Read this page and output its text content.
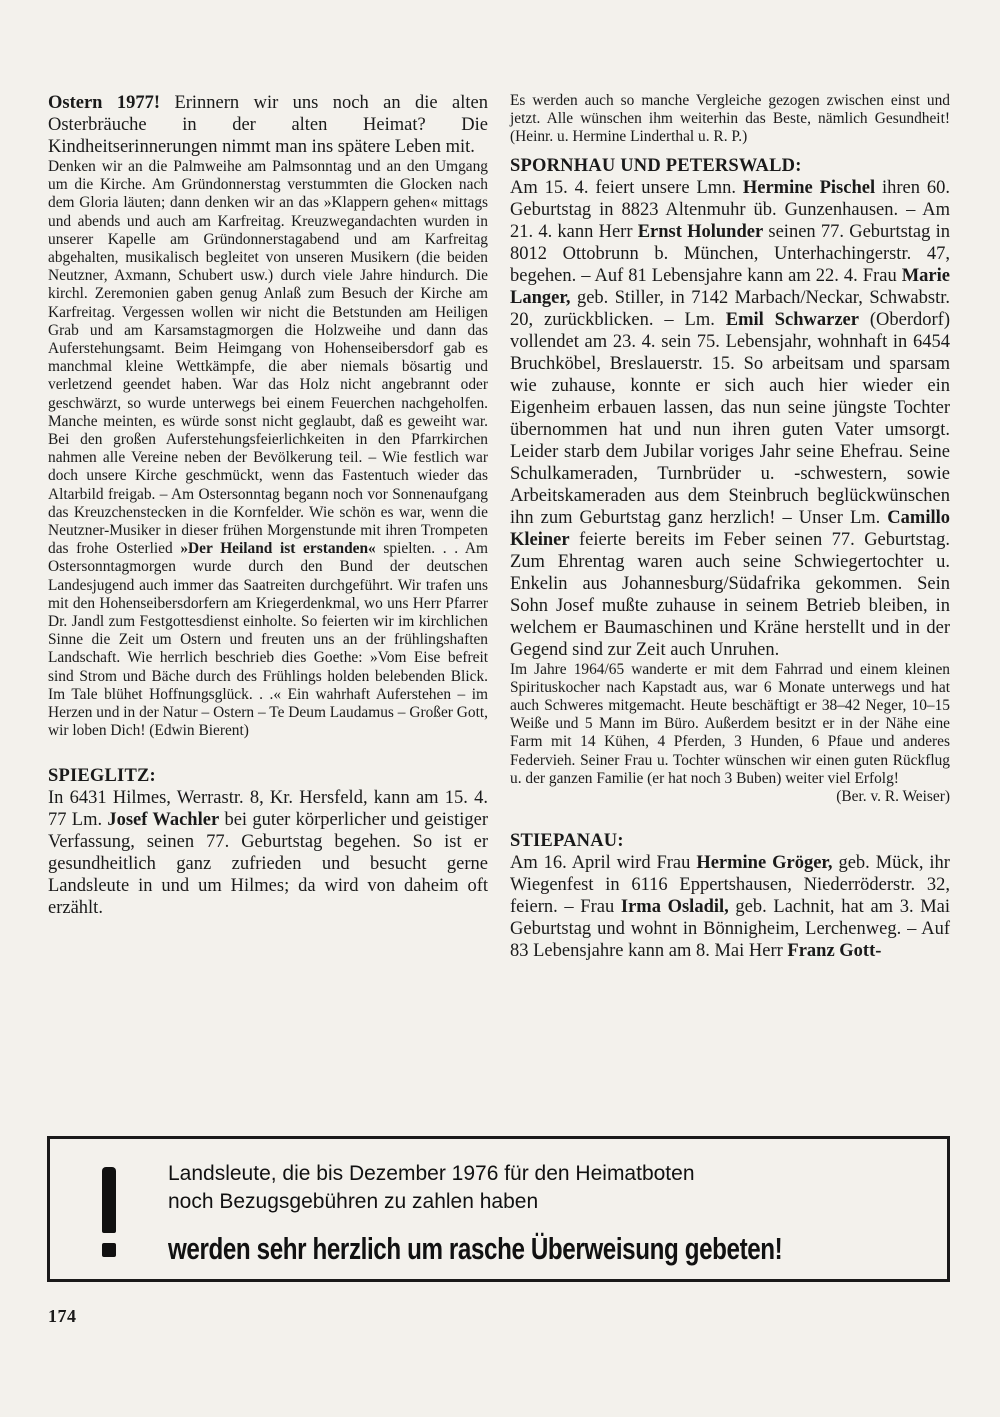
Ostern 1977! Erinnern wir uns noch an die alten Osterbräuche in der alten Heimat? Die Kindheitserinnerungen nimmt man ins spätere Leben mit.

Denken wir an die Palmweihe am Palmsonntag und an den Umgang um die Kirche. Am Gründonnerstag verstummten die Glocken nach dem Gloria läuten; dann denken wir an das »Klappern gehen« mittags und abends und auch am Karfreitag. Kreuzwegandachten wurden in unserer Kapelle am Gründonnerstagabend und am Karfreitag abgehalten, musikalisch begleitet von unseren Musikern (die beiden Neutzner, Axmann, Schubert usw.) durch viele Jahre hindurch. Die kirchl. Zeremonien gaben genug Anlaß zum Besuch der Kirche am Karfreitag. Vergessen wollen wir nicht die Betstunden am Heiligen Grab und am Karsamstagmorgen die Holzweihe und dann das Auferstehungsamt. Beim Heimgang von Hohenseibersdorf gab es manchmal kleine Wettkämpfe, die aber niemals bösartig und verletzend geendet haben. War das Holz nicht angebrannt oder geschwärzt, so wurde unterwegs bei einem Feuerchen nachgeholfen. Manche meinten, es würde sonst nicht geglaubt, daß es geweiht war. Bei den großen Auferstehungsfeierlichkeiten in den Pfarrkirchen nahmen alle Vereine neben der Bevölkerung teil. – Wie festlich war doch unsere Kirche geschmückt, wenn das Fastentuch wieder das Altarbild freigab. – Am Ostersonntag begann noch vor Sonnenaufgang das Kreuzchenstecken in die Kornfelder. Wie schön es war, wenn die Neutzner-Musiker in dieser frühen Morgenstunde mit ihren Trompeten das frohe Osterlied »Der Heiland ist erstanden« spielten. . . Am Ostersonntagmorgen wurde durch den Bund der deutschen Landesjugend auch immer das Saatreiten durchgeführt. Wir trafen uns mit den Hohenseibersdorfern am Kriegerdenkmal, wo uns Herr Pfarrer Dr. Jandl zum Festgottesdienst einholte. So feierten wir im kirchlichen Sinne die Zeit um Ostern und freuten uns an der frühlingshaften Landschaft. Wie herrlich beschrieb dies Goethe: »Vom Eise befreit sind Strom und Bäche durch des Frühlings holden belebenden Blick. Im Tale blühet Hoffnungsglück. . .« Ein wahrhaft Auferstehen – im Herzen und in der Natur – Ostern – Te Deum Laudamus – Großer Gott, wir loben Dich! (Edwin Bierent)

SPIEGLITZ:

In 6431 Hilmes, Werrastr. 8, Kr. Hersfeld, kann am 15. 4. 77 Lm. Josef Wachler bei guter körperlicher und geistiger Verfassung, seinen 77. Geburtstag begehen. So ist er gesundheitlich ganz zufrieden und besucht gerne Landsleute in und um Hilmes; da wird von daheim oft erzählt.

Es werden auch so manche Vergleiche gezogen zwischen einst und jetzt. Alle wünschen ihm weiterhin das Beste, nämlich Gesundheit! (Heinr. u. Hermine Linderthal u. R. P.)

SPORNHAU UND PETERSWALD:

Am 15. 4. feiert unsere Lmn. Hermine Pischel ihren 60. Geburtstag in 8823 Altenmuhr üb. Gunzenhausen. – Am 21. 4. kann Herr Ernst Holunder seinen 77. Geburtstag in 8012 Ottobrunn b. München, Unterhachingerstr. 47, begehen. – Auf 81 Lebensjahre kann am 22. 4. Frau Marie Langer, geb. Stiller, in 7142 Marbach/Neckar, Schwabstr. 20, zurückblicken. – Lm. Emil Schwarzer (Oberdorf) vollendet am 23. 4. sein 75. Lebensjahr, wohnhaft in 6454 Bruchköbel, Breslauerstr. 15. So arbeitsam und sparsam wie zuhause, konnte er sich auch hier wieder ein Eigenheim erbauen lassen, das nun seine jüngste Tochter übernommen hat und nun ihren guten Vater umsorgt. Leider starb dem Jubilar voriges Jahr seine Ehefrau. Seine Schulkameraden, Turnbrüder u. -schwestern, sowie Arbeitskameraden aus dem Steinbruch beglückwünschen ihn zum Geburtstag ganz herzlich! – Unser Lm. Camillo Kleiner feierte bereits im Feber seinen 77. Geburtstag. Zum Ehrentag waren auch seine Schwiegertochter u. Enkelin aus Johannesburg/Südafrika gekommen. Sein Sohn Josef mußte zuhause in seinem Betrieb bleiben, in welchem er Baumaschinen und Kräne herstellt und in der Gegend sind zur Zeit auch Unruhen.

Im Jahre 1964/65 wanderte er mit dem Fahrrad und einem kleinen Spirituskocher nach Kapstadt aus, war 6 Monate unterwegs und hat auch Schweres mitgemacht. Heute beschäftigt er 38–42 Neger, 10–15 Weiße und 5 Mann im Büro. Außerdem besitzt er in der Nähe eine Farm mit 14 Kühen, 4 Pferden, 3 Hunden, 6 Pfaue und anderes Federvieh. Seiner Frau u. Tochter wünschen wir einen guten Rückflug u. der ganzen Familie (er hat noch 3 Buben) weiter viel Erfolg!

(Ber. v. R. Weiser)
STIEPANAU:

Am 16. April wird Frau Hermine Gröger, geb. Mück, ihr Wiegenfest in 6116 Eppertshausen, Niederröderstr. 32, feiern. – Frau Irma Osladil, geb. Lachnit, hat am 3. Mai Geburtstag und wohnt in Bönnigheim, Lerchenweg. – Auf 83 Lebensjahre kann am 8. Mai Herr Franz Gott-

Landsleute, die bis Dezember 1976 für den Heimatboten
noch Bezugsgebühren zu zahlen haben
werden sehr herzlich um rasche Überweisung gebeten!
174
